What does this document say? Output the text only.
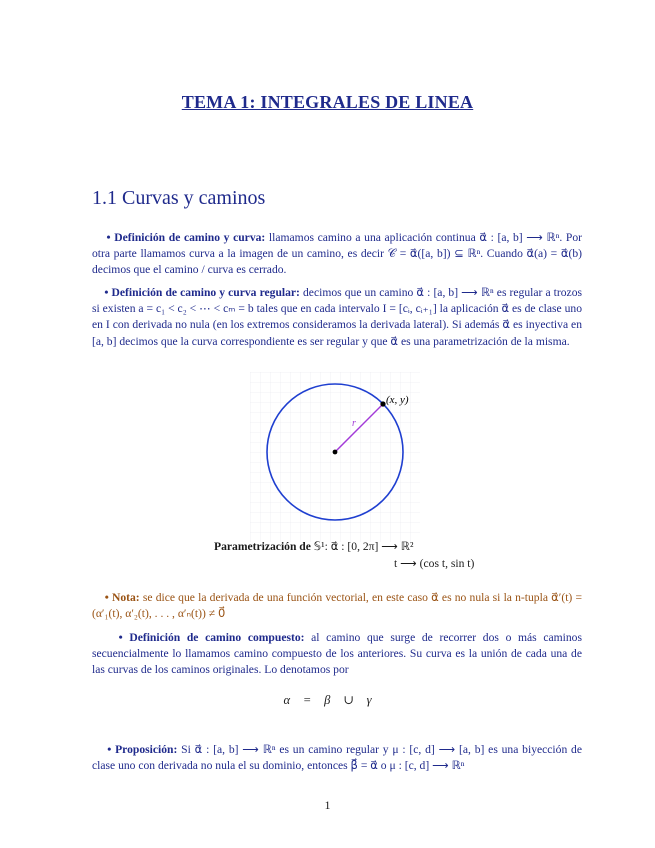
TEMA 1: INTEGRALES DE LINEA
1.1 Curvas y caminos
• Definición de camino y curva: llamamos camino a una aplicación continua α⃗ : [a, b] ⟶ ℝⁿ. Por otra parte llamamos curva a la imagen de un camino, es decir 𝒞 = α⃗([a, b]) ⊆ ℝⁿ. Cuando α⃗(a) = α⃗(b) decimos que el camino / curva es cerrado.
• Definición de camino y curva regular: decimos que un camino α⃗ : [a, b] ⟶ ℝⁿ es regular a trozos si existen a = c₁ < c₂ < ⋯ < cₘ = b tales que en cada intervalo I = [cᵢ, cᵢ₊₁] la aplicación α⃗ es de clase uno en I con derivada no nula (en los extremos consideramos la derivada lateral). Si además α⃗ es inyectiva en [a, b] decimos que la curva correspondiente es ser regular y que α⃗ es una parametrización de la misma.
(x, y)
r
Parametrización de 𝕊¹: α⃗ : [0, 2π] ⟶ ℝ²
t ⟶ (cos t, sin t)
• Nota: se dice que la derivada de una función vectorial, en este caso α⃗ es no nula si la n-tupla α⃗′(t) = (α′₁(t), α′₂(t), . . . , α′ₙ(t)) ≠ 0⃗
• Definición de camino compuesto: al camino que surge de recorrer dos o más caminos secuencialmente lo llamamos camino compuesto de los anteriores. Su curva es la unión de cada una de las curvas de los caminos originales. Lo denotamos por
𝒞α⃗ = 𝒞β⃗ ∪ 𝒞γ⃗
• Proposición: Si α⃗ : [a, b] ⟶ ℝⁿ es un camino regular y μ : [c, d] ⟶ [a, b] es una biyección de clase uno con derivada no nula el su dominio, entonces β⃗ = α⃗ o μ : [c, d] ⟶ ℝⁿ
1
